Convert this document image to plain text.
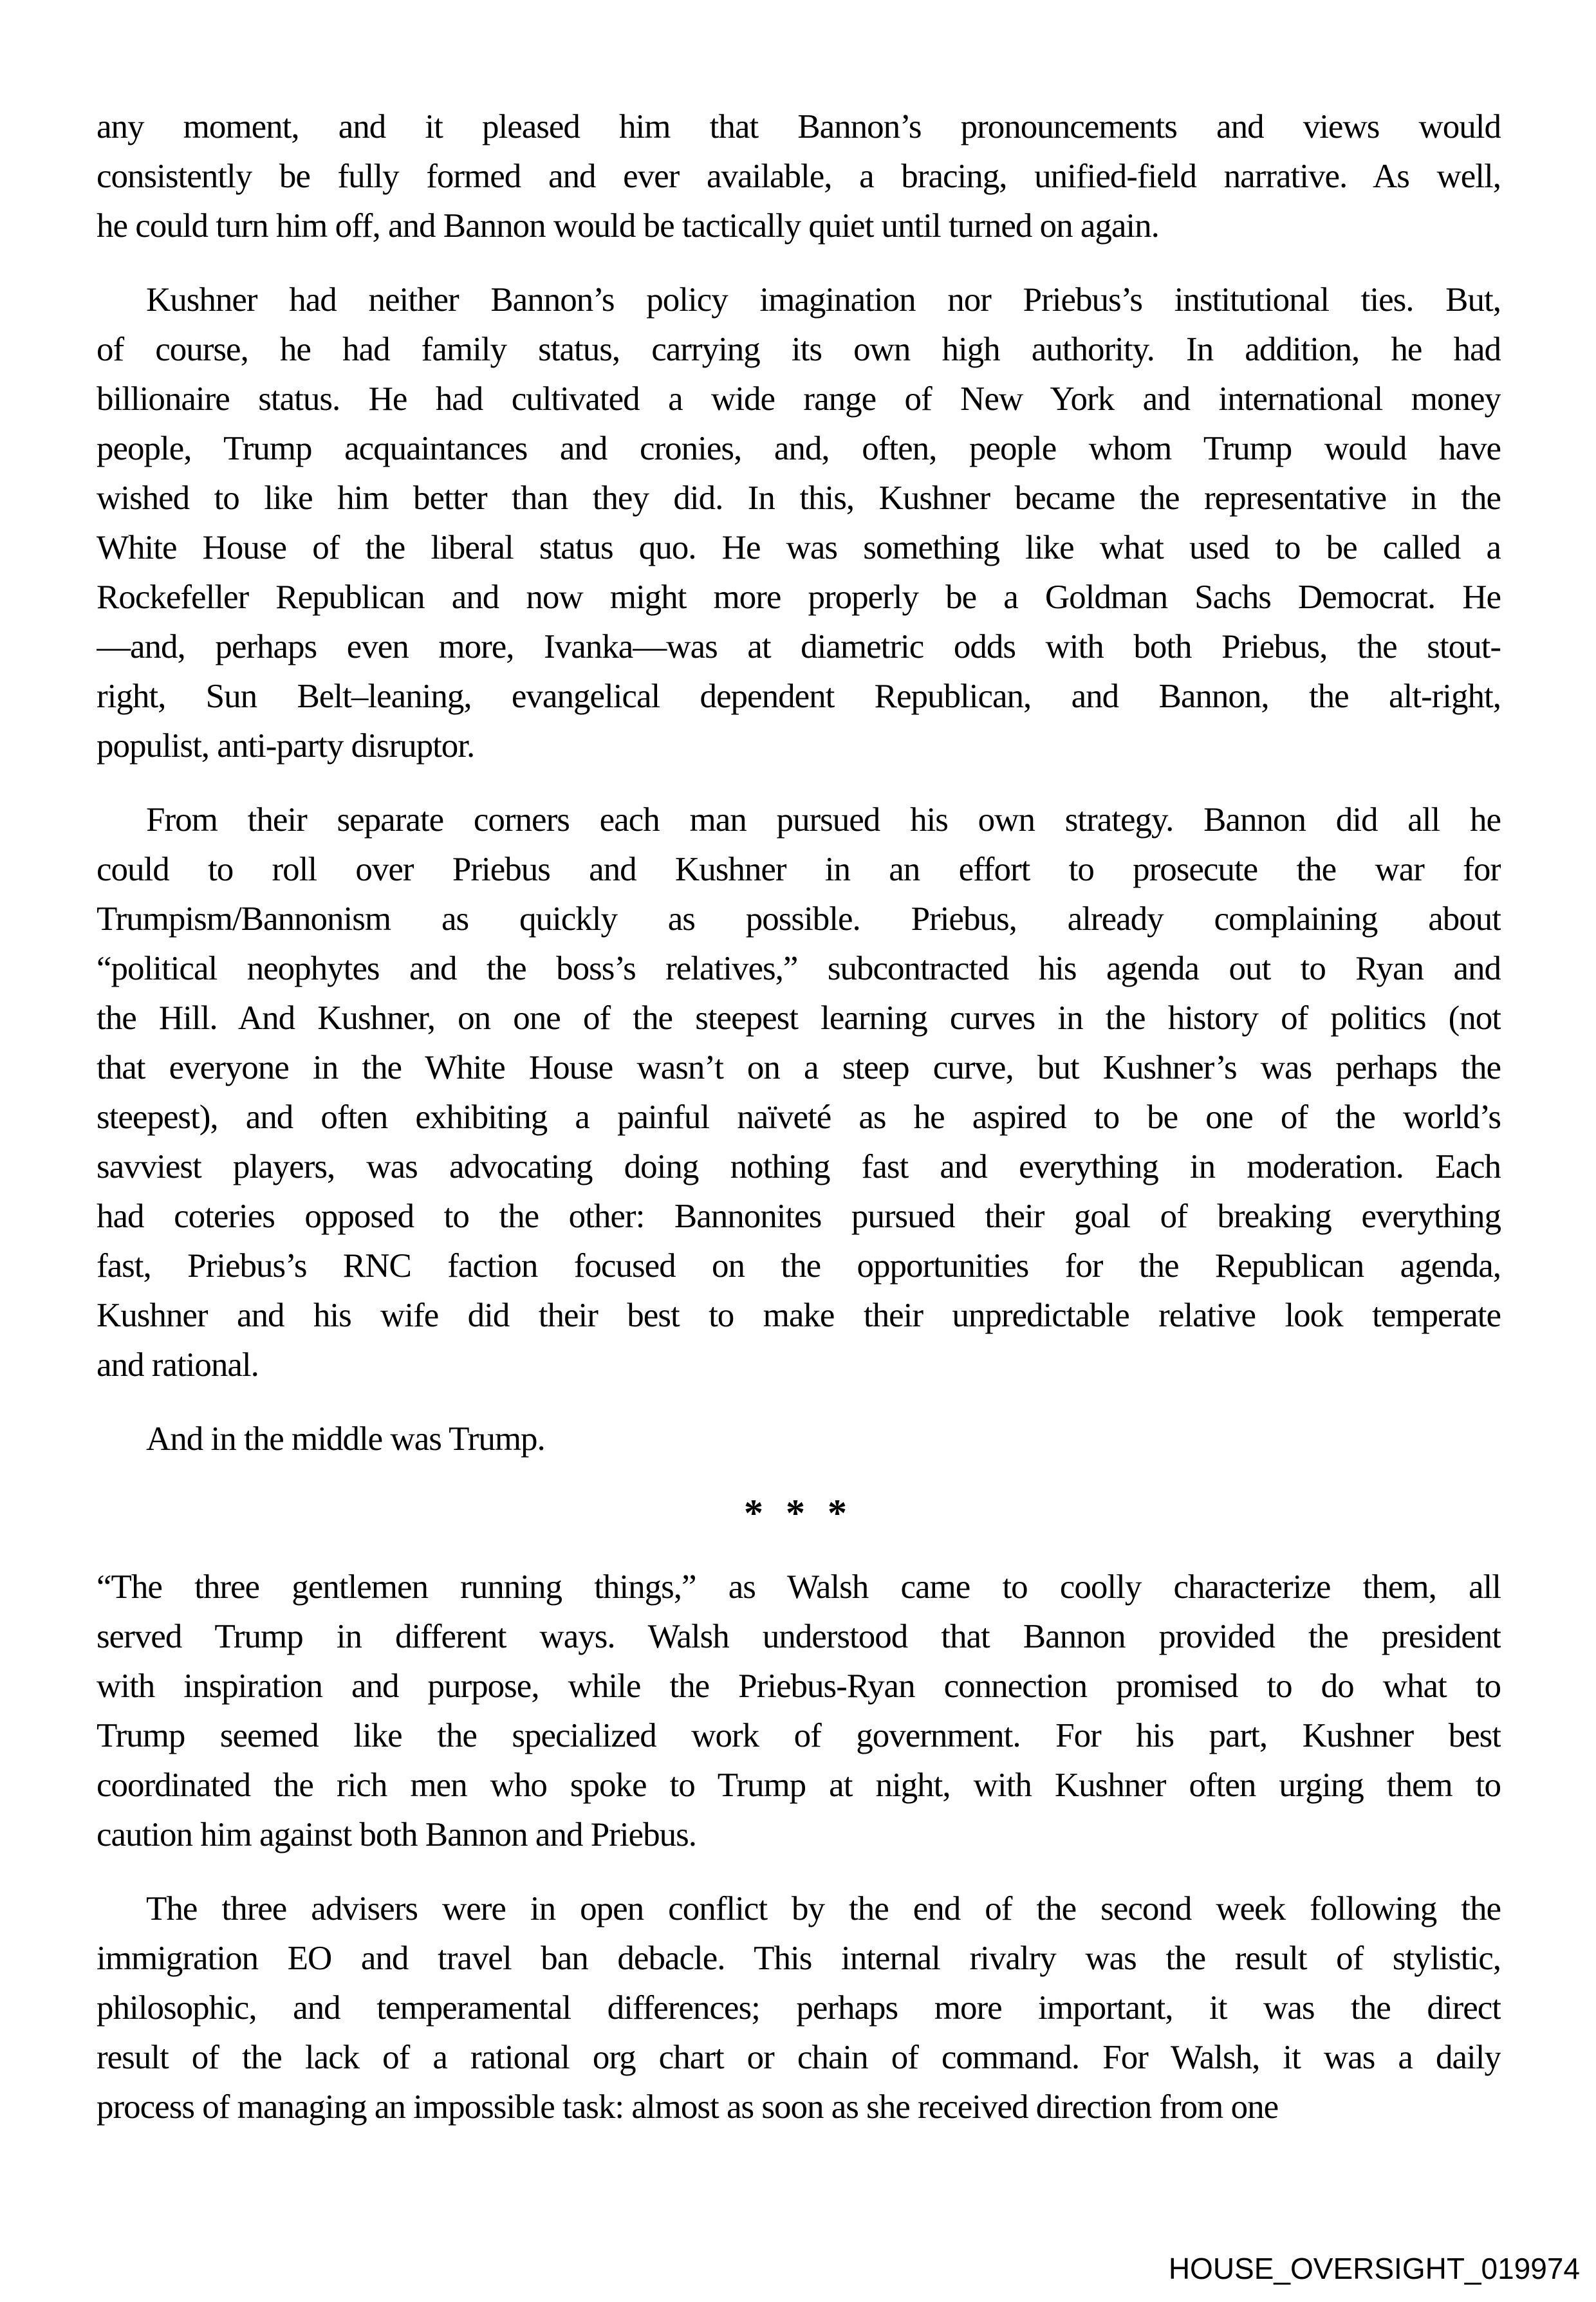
any moment, and it pleased him that Bannon’s pronouncements and views would
consistently be fully formed and ever available, a bracing, unified-field narrative. As well,
he could turn him off, and Bannon would be tactically quiet until turned on again.
Kushner had neither Bannon’s policy imagination nor Priebus’s institutional ties. But,
of course, he had family status, carrying its own high authority. In addition, he had
billionaire status. He had cultivated a wide range of New York and international money
people, Trump acquaintances and cronies, and, often, people whom Trump would have
wished to like him better than they did. In this, Kushner became the representative in the
White House of the liberal status quo. He was something like what used to be called a
Rockefeller Republican and now might more properly be a Goldman Sachs Democrat. He
—and, perhaps even more, Ivanka—was at diametric odds with both Priebus, the stout-
right, Sun Belt–leaning, evangelical dependent Republican, and Bannon, the alt-right,
populist, anti-party disruptor.
From their separate corners each man pursued his own strategy. Bannon did all he
could to roll over Priebus and Kushner in an effort to prosecute the war for
Trumpism/Bannonism as quickly as possible. Priebus, already complaining about
“political neophytes and the boss’s relatives,” subcontracted his agenda out to Ryan and
the Hill. And Kushner, on one of the steepest learning curves in the history of politics (not
that everyone in the White House wasn’t on a steep curve, but Kushner’s was perhaps the
steepest), and often exhibiting a painful naïveté as he aspired to be one of the world’s
savviest players, was advocating doing nothing fast and everything in moderation. Each
had coteries opposed to the other: Bannonites pursued their goal of breaking everything
fast, Priebus’s RNC faction focused on the opportunities for the Republican agenda,
Kushner and his wife did their best to make their unpredictable relative look temperate
and rational.
And in the middle was Trump.
* * *
“The three gentlemen running things,” as Walsh came to coolly characterize them, all
served Trump in different ways. Walsh understood that Bannon provided the president
with inspiration and purpose, while the Priebus-Ryan connection promised to do what to
Trump seemed like the specialized work of government. For his part, Kushner best
coordinated the rich men who spoke to Trump at night, with Kushner often urging them to
caution him against both Bannon and Priebus.
The three advisers were in open conflict by the end of the second week following the
immigration EO and travel ban debacle. This internal rivalry was the result of stylistic,
philosophic, and temperamental differences; perhaps more important, it was the direct
result of the lack of a rational org chart or chain of command. For Walsh, it was a daily
process of managing an impossible task: almost as soon as she received direction from one
HOUSE_OVERSIGHT_019974
